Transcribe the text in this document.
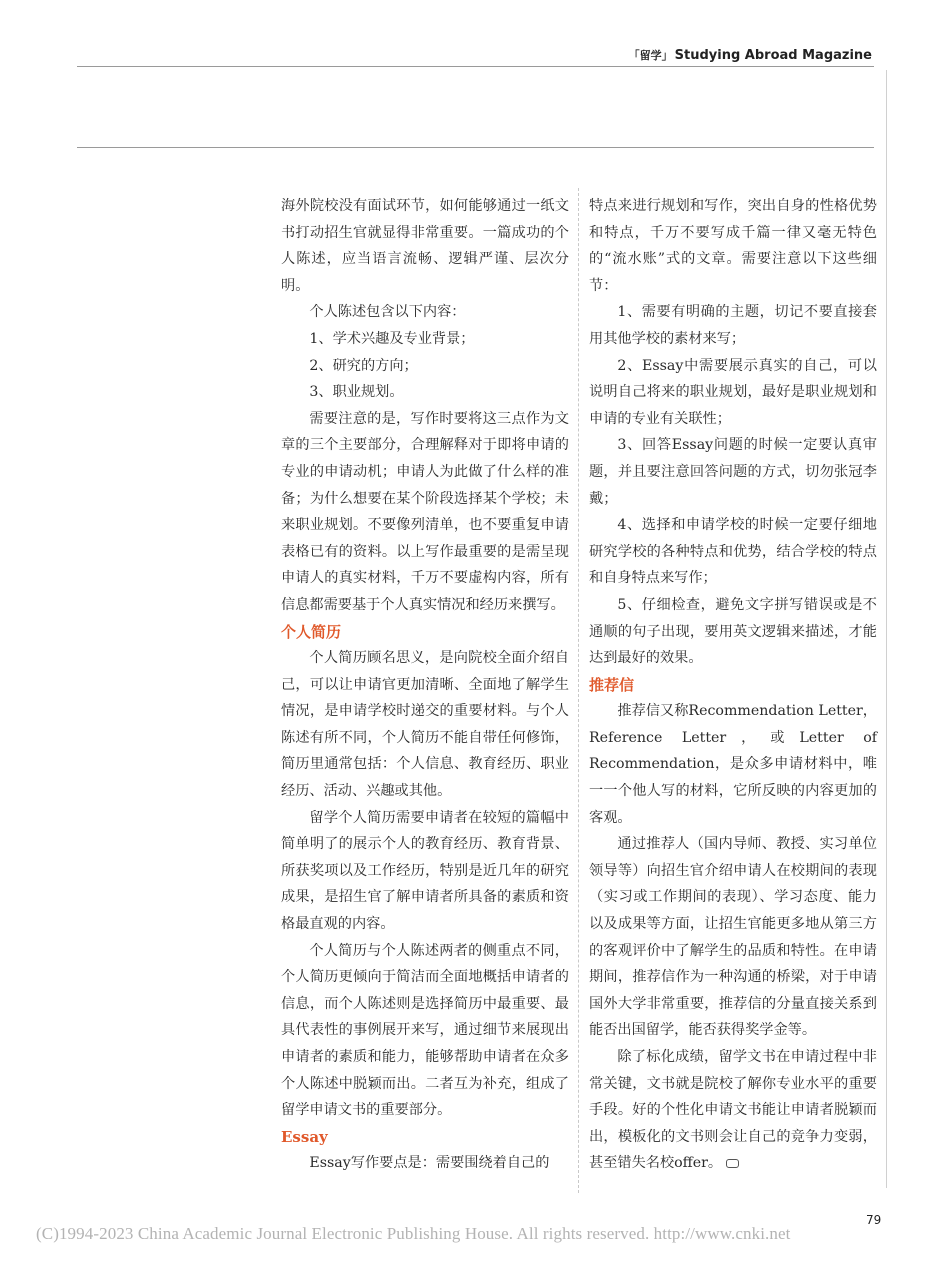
「留学」 Studying Abroad Magazine

海外院校没有面试环节，如何能够通过一纸文书打动招生官就显得非常重要。一篇成功的个人陈述，应当语言流畅、逻辑严谨、层次分明。

个人陈述包含以下内容：

1、学术兴趣及专业背景；

2、研究的方向；

3、职业规划。

需要注意的是，写作时要将这三点作为文章的三个主要部分，合理解释对于即将申请的专业的申请动机；申请人为此做了什么样的准备；为什么想要在某个阶段选择某个学校；未来职业规划。不要像列清单，也不要重复申请表格已有的资料。以上写作最重要的是需呈现申请人的真实材料，千万不要虚构内容，所有信息都需要基于个人真实情况和经历来撰写。

个人简历

个人简历顾名思义，是向院校全面介绍自己，可以让申请官更加清晰、全面地了解学生情况，是申请学校时递交的重要材料。与个人陈述有所不同，个人简历不能自带任何修饰，简历里通常包括：个人信息、教育经历、职业经历、活动、兴趣或其他。

留学个人简历需要申请者在较短的篇幅中简单明了的展示个人的教育经历、教育背景、所获奖项以及工作经历，特别是近几年的研究成果，是招生官了解申请者所具备的素质和资格最直观的内容。

个人简历与个人陈述两者的侧重点不同，个人简历更倾向于简洁而全面地概括申请者的信息，而个人陈述则是选择简历中最重要、最具代表性的事例展开来写，通过细节来展现出申请者的素质和能力，能够帮助申请者在众多个人陈述中脱颖而出。二者互为补充，组成了留学申请文书的重要部分。

Essay

Essay写作要点是：需要围绕着自己的

特点来进行规划和写作，突出自身的性格优势和特点，千万不要写成千篇一律又毫无特色的“流水账”式的文章。需要注意以下这些细节：

1、需要有明确的主题，切记不要直接套用其他学校的素材来写；

2、Essay中需要展示真实的自己，可以说明自己将来的职业规划，最好是职业规划和申请的专业有关联性；

3、回答Essay问题的时候一定要认真审题，并且要注意回答问题的方式，切勿张冠李戴；

4、选择和申请学校的时候一定要仔细地研究学校的各种特点和优势，结合学校的特点和自身特点来写作；

5、仔细检查，避免文字拼写错误或是不通顺的句子出现，要用英文逻辑来描述，才能达到最好的效果。

推荐信

推荐信又称Recommendation Letter，Reference Letter，或Letter of Recommendation，是众多申请材料中，唯一一个他人写的材料，它所反映的内容更加的客观。

通过推荐人（国内导师、教授、实习单位领导等）向招生官介绍申请人在校期间的表现（实习或工作期间的表现）、学习态度、能力以及成果等方面，让招生官能更多地从第三方的客观评价中了解学生的品质和特性。在申请期间，推荐信作为一种沟通的桥梁，对于申请国外大学非常重要，推荐信的分量直接关系到能否出国留学，能否获得奖学金等。

除了标化成绩，留学文书在申请过程中非常关键，文书就是院校了解你专业水平的重要手段。好的个性化申请文书能让申请者脱颖而出，模板化的文书则会让自己的竞争力变弱，甚至错失名校offer。

79
(C)1994-2023 China Academic Journal Electronic Publishing House. All rights reserved. http://www.cnki.net
